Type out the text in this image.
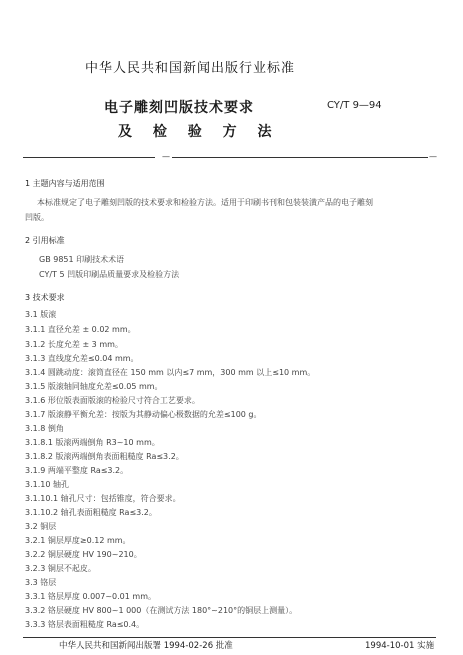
中华人民共和国新闻出版行业标准
CY/T 9—94
电子雕刻凹版技术要求
及 检 验 方 法
—	—
1 主题内容与适用范围
本标准规定了电子雕刻凹版的技术要求和检验方法。适用于印刷书刊和包装装潢产品的电子雕刻
凹版。
2 引用标准
GB 9851 印刷技术术语
CY/T 5 凹版印刷品质量要求及检验方法
3 技术要求
3.1 版滚
3.1.1 直径允差 ± 0.02 mm。
3.1.2 长度允差 ± 3 mm。
3.1.3 直线度允差≤0.04 mm。
3.1.4 圆跳动度：滚筒直径在 150 mm 以内≤7 mm，300 mm 以上≤10 mm。
3.1.5 版滚轴同轴度允差≤0.05 mm。
3.1.6 形位版表面版滚的检验尺寸符合工艺要求。
3.1.7 版滚静平衡允差：按版为其静动偏心极数据的允差≤100 g。
3.1.8 倒角
3.1.8.1 版滚两端倒角 R3~10 mm。
3.1.8.2 版滚两端倒角表面粗糙度 Ra≤3.2。
3.1.9 两端平整度 Ra≤3.2。
3.1.10 轴孔
3.1.10.1 轴孔尺寸：包括锥度，符合要求。
3.1.10.2 轴孔表面粗糙度 Ra≤3.2。
3.2 铜层
3.2.1 铜层厚度≥0.12 mm。
3.2.2 铜层硬度 HV 190~210。
3.2.3 铜层不起皮。
3.3 铬层
3.3.1 铬层厚度 0.007~0.01 mm。
3.3.2 铬层硬度 HV 800~1 000（在测试方法 180°~210°的铜层上测量）。
3.3.3 铬层表面粗糙度 Ra≤0.4。
中华人民共和国新闻出版署 1994-02-26 批准	1994-10-01 实施
